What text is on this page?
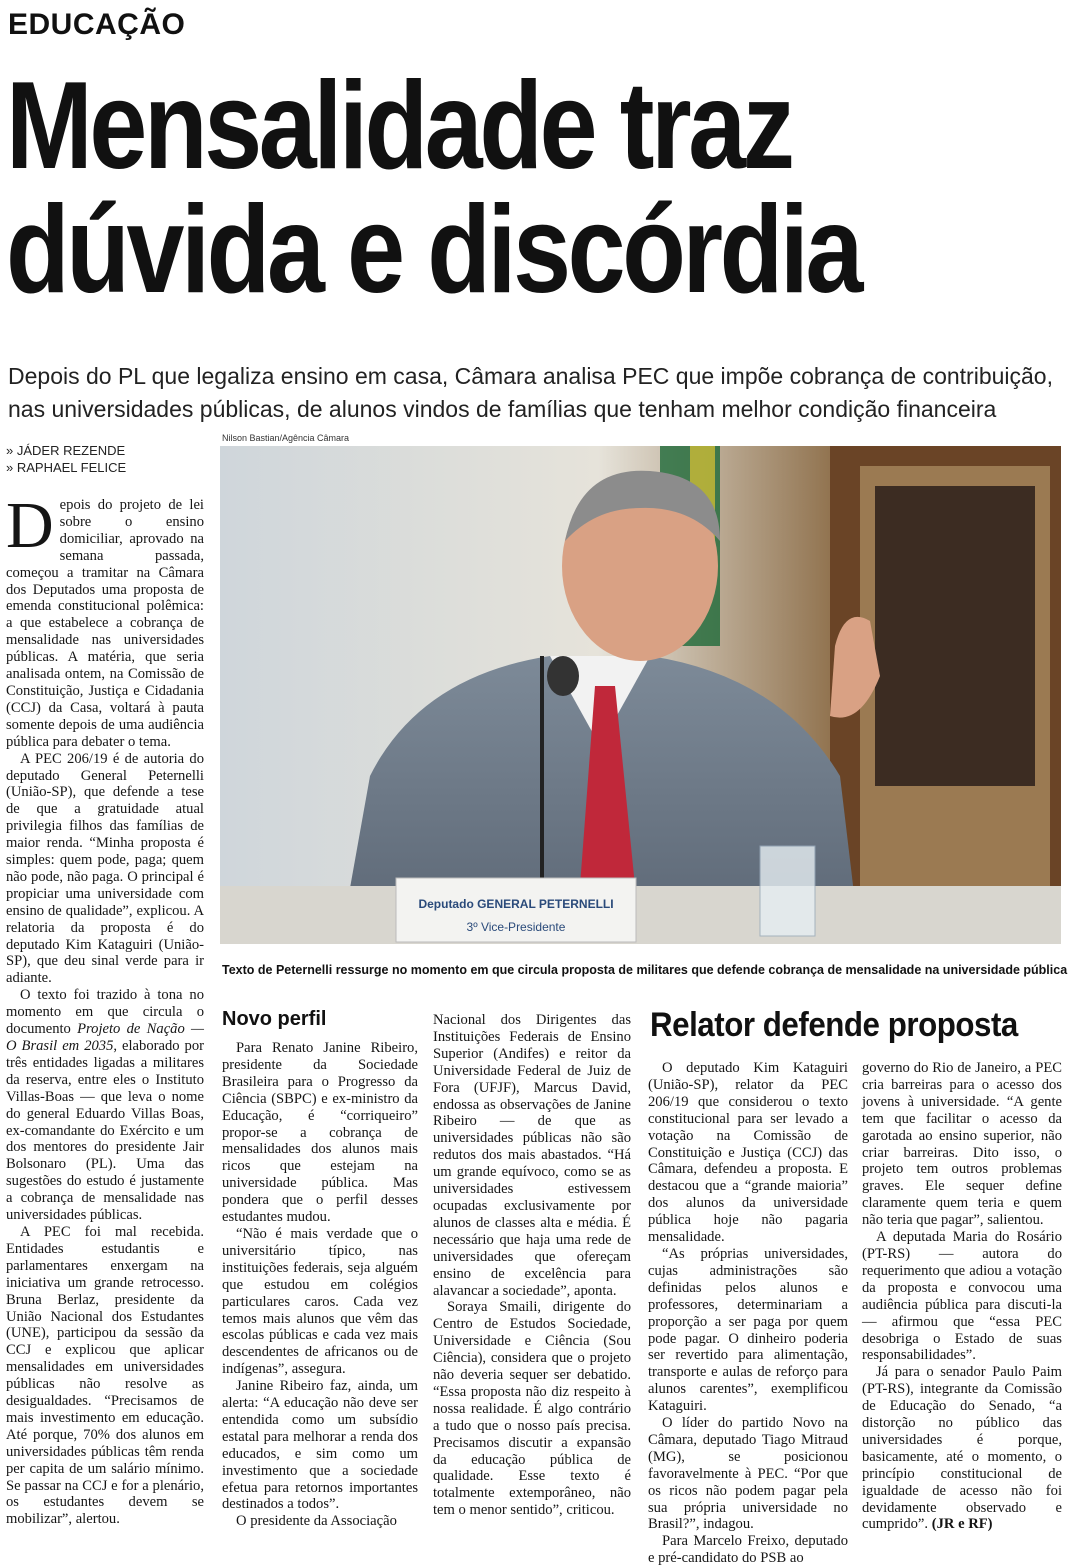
EDUCAÇÃO
Mensalidade traz
dúvida e discórdia
Depois do PL que legaliza ensino em casa, Câmara analisa PEC que impõe cobrança de contribuição, nas universidades públicas, de alunos vindos de famílias que tenham melhor condição financeira
Nilson Bastian/Agência Câmara
Deputado GENERAL PETERNELLI
3º Vice-Presidente
Texto de Peternelli ressurge no momento em que circula proposta de militares que defende cobrança de mensalidade na universidade pública
» JÁDER REZENDE
» RAPHAEL FELICE

Depois do projeto de lei sobre o ensino domiciliar, aprovado na semana passada, começou a tramitar na Câmara dos Deputados uma proposta de emenda constitucional polêmica: a que estabelece a cobrança de mensalidade nas universidades públicas. A matéria, que seria analisada ontem, na Comissão de Constituição, Justiça e Cidadania (CCJ) da Casa, voltará à pauta somente depois de uma audiência pública para debater o tema.

A PEC 206/19 é de autoria do deputado General Peternelli (União-SP), que defende a tese de que a gratuidade atual privilegia filhos das famílias de maior renda. “Minha proposta é simples: quem pode, paga; quem não pode, não paga. O principal é propiciar uma universidade com ensino de qualidade”, explicou. A relatoria da proposta é do deputado Kim Kataguiri (União-SP), que deu sinal verde para ir adiante.

O texto foi trazido à tona no momento em que circula o documento Projeto de Nação — O Brasil em 2035, elaborado por três entidades ligadas a militares da reserva, entre eles o Instituto Villas-Boas — que leva o nome do general Eduardo Villas Boas, ex-comandante do Exército e um dos mentores do presidente Jair Bolsonaro (PL). Uma das sugestões do estudo é justamente a cobrança de mensalidade nas universidades públicas.

A PEC foi mal recebida. Entidades estudantis e parlamentares enxergam na iniciativa um grande retrocesso. Bruna Berlaz, presidente da União Nacional dos Estudantes (UNE), participou da sessão da CCJ e explicou que aplicar mensalidades em universidades públicas não resolve as desigualdades. “Precisamos de mais investimento em educação. Até porque, 70% dos alunos em universidades públicas têm renda per capita de um salário mínimo. Se passar na CCJ e for a plenário, os estudantes devem se mobilizar”, alertou.

Novo perfil

Para Renato Janine Ribeiro, presidente da Sociedade Brasileira para o Progresso da Ciência (SBPC) e ex-ministro da Educação, é “corriqueiro” propor-se a cobrança de mensalidades dos alunos mais ricos que estejam na universidade pública. Mas pondera que o perfil desses estudantes mudou.

“Não é mais verdade que o universitário típico, nas instituições federais, seja alguém que estudou em colégios particulares caros. Cada vez temos mais alunos que vêm das escolas públicas e cada vez mais descendentes de africanos ou de indígenas”, assegura.

Janine Ribeiro faz, ainda, um alerta: “A educação não deve ser entendida como um subsídio estatal para melhorar a renda dos educados, e sim como um investimento que a sociedade efetua para retornos importantes destinados a todos”.

O presidente da Associação

Nacional dos Dirigentes das Instituições Federais de Ensino Superior (Andifes) e reitor da Universidade Federal de Juiz de Fora (UFJF), Marcus David, endossa as observações de Janine Ribeiro — de que as universidades públicas não são redutos dos mais abastados. “Há um grande equívoco, como se as universidades estivessem ocupadas exclusivamente por alunos de classes alta e média. É necessário que haja uma rede de universidades que ofereçam ensino de excelência para alavancar a sociedade”, aponta.

Soraya Smaili, dirigente do Centro de Estudos Sociedade, Universidade e Ciência (Sou Ciência), considera que o projeto não deveria sequer ser debatido. “Essa proposta não diz respeito à nossa realidade. É algo contrário a tudo que o nosso país precisa. Precisamos discutir a expansão da educação pública de qualidade. Esse texto é totalmente extemporâneo, não tem o menor sentido”, criticou.

Relator defende proposta

O deputado Kim Kataguiri (União-SP), relator da PEC 206/19 que considerou o texto constitucional para ser levado a votação na Comissão de Constituição e Justiça (CCJ) das Câmara, defendeu a proposta. E destacou que a “grande maioria” dos alunos da universidade pública hoje não pagaria mensalidade.

“As próprias universidades, cujas administrações são definidas pelos alunos e professores, determinariam a proporção a ser paga por quem pode pagar. O dinheiro poderia ser revertido para alimentação, transporte e aulas de reforço para alunos carentes”, exemplificou Kataguiri.

O líder do partido Novo na Câmara, deputado Tiago Mitraud (MG), se posicionou favoravelmente à PEC. “Por que os ricos não podem pagar pela sua própria universidade no Brasil?”, indagou.

Para Marcelo Freixo, deputado e pré-candidato do PSB ao

governo do Rio de Janeiro, a PEC cria barreiras para o acesso dos jovens à universidade. “A gente tem que facilitar o acesso da garotada ao ensino superior, não criar barreiras. Dito isso, o projeto tem outros problemas graves. Ele sequer define claramente quem teria e quem não teria que pagar”, salientou.

A deputada Maria do Rosário (PT-RS) — autora do requerimento que adiou a votação da proposta e convocou uma audiência pública para discuti-la — afirmou que “essa PEC desobriga o Estado de suas responsabilidades”.

Já para o senador Paulo Paim (PT-RS), integrante da Comissão de Educação do Senado, “a distorção no público das universidades é porque, basicamente, até o momento, o princípio constitucional de igualdade de acesso não foi devidamente observado e cumprido”. (JR e RF)
